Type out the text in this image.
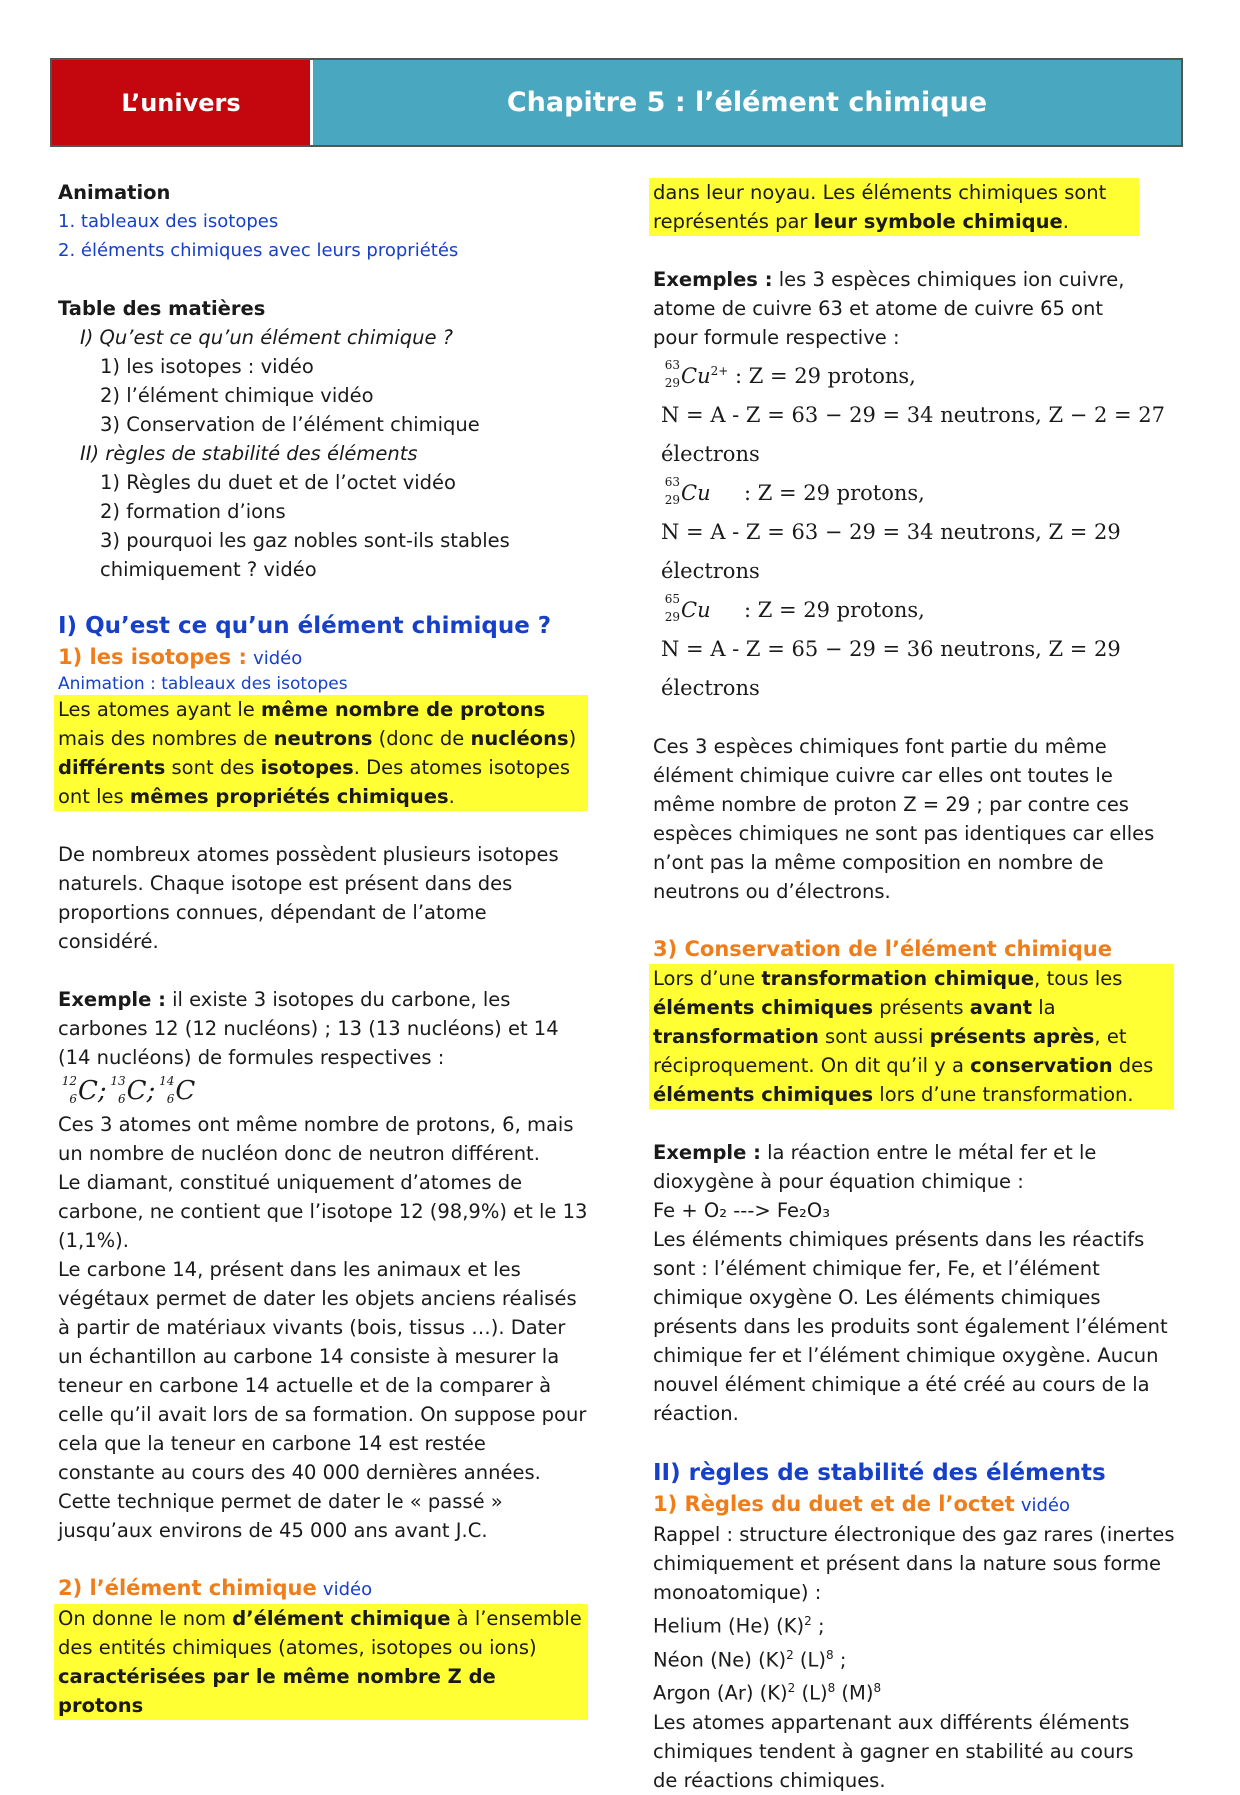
L’univers	Chapitre 5 : l’élément chimique

Animation

1. tableaux des isotopes

2. éléments chimiques avec leurs propriétés

Table des matières

I) Qu’est ce qu’un élément chimique ?

1) les isotopes : vidéo

2) l’élément chimique vidéo

3) Conservation de l’élément chimique

II) règles de stabilité des éléments

1) Règles du duet et de l’octet vidéo

2) formation d’ions

3) pourquoi les gaz nobles sont-ils stables chimiquement ? vidéo

I) Qu’est ce qu’un élément chimique ?

1) les isotopes : vidéo

Animation : tableaux des isotopes

Les atomes ayant le même nombre de protons mais des nombres de neutrons (donc de nucléons) différents sont des isotopes. Des atomes isotopes ont les mêmes propriétés chimiques.

De nombreux atomes possèdent plusieurs isotopes naturels. Chaque isotope est présent dans des proportions connues, dépendant de l’atome considéré.

Exemple : il existe 3 isotopes du carbone, les carbones 12 (12 nucléons) ; 13 (13 nucléons) et 14 (14 nucléons) de formules respectives :

12
6 C; 13
6 C; 14
6 C

Ces 3 atomes ont même nombre de protons, 6, mais un nombre de nucléon donc de neutron différent.

Le diamant, constitué uniquement d’atomes de carbone, ne contient que l’isotope 12 (98,9%) et le 13 (1,1%).

Le carbone 14, présent dans les animaux et les végétaux permet de dater les objets anciens réalisés à partir de matériaux vivants (bois, tissus …). Dater un échantillon au carbone 14 consiste à mesurer la teneur en carbone 14 actuelle et de la comparer à celle qu’il avait lors de sa formation. On suppose pour cela que la teneur en carbone 14 est restée constante au cours des 40 000 dernières années. Cette technique permet de dater le « passé » jusqu’aux environs de 45 000 ans avant J.C.

2) l’élément chimique vidéo

On donne le nom d’élément chimique à l’ensemble des entités chimiques (atomes, isotopes ou ions) caractérisées par le même nombre Z de protons

dans leur noyau. Les éléments chimiques sont représentés par leur symbole chimique.

Exemples : les 3 espèces chimiques ion cuivre, atome de cuivre 63 et atome de cuivre 65 ont pour formule respective :

63
29 $Cu^{2+}$ : Z = 29 protons,

N = A - Z = 63 − 29 = 34 neutrons, Z − 2 = 27 électrons

63
29 Cu : Z = 29 protons,

N = A - Z = 63 − 29 = 34 neutrons, Z = 29 électrons

65
29 Cu : Z = 29 protons,

N = A - Z = 65 − 29 = 36 neutrons, Z = 29 électrons

Ces 3 espèces chimiques font partie du même élément chimique cuivre car elles ont toutes le même nombre de proton Z = 29 ; par contre ces espèces chimiques ne sont pas identiques car elles n’ont pas la même composition en nombre de neutrons ou d’électrons.

3) Conservation de l’élément chimique

Lors d’une transformation chimique, tous les éléments chimiques présents avant la transformation sont aussi présents après, et réciproquement. On dit qu’il y a conservation des éléments chimiques lors d’une transformation.

Exemple : la réaction entre le métal fer et le dioxygène à pour équation chimique :

Fe + O₂ ---> Fe₂O₃

Les éléments chimiques présents dans les réactifs sont : l’élément chimique fer, Fe, et l’élément chimique oxygène O. Les éléments chimiques présents dans les produits sont également l’élément chimique fer et l’élément chimique oxygène. Aucun nouvel élément chimique a été créé au cours de la réaction.

II) règles de stabilité des éléments

1) Règles du duet et de l’octet vidéo

Rappel : structure électronique des gaz rares (inertes chimiquement et présent dans la nature sous forme monoatomique) :

Helium (He) $(K)^2$ ;

Néon (Ne) $(K)^2$ $(L)^8$ ;

Argon (Ar) $(K)^2$ $(L)^8$ $(M)^8$

Les atomes appartenant aux différents éléments chimiques tendent à gagner en stabilité au cours de réactions chimiques.
